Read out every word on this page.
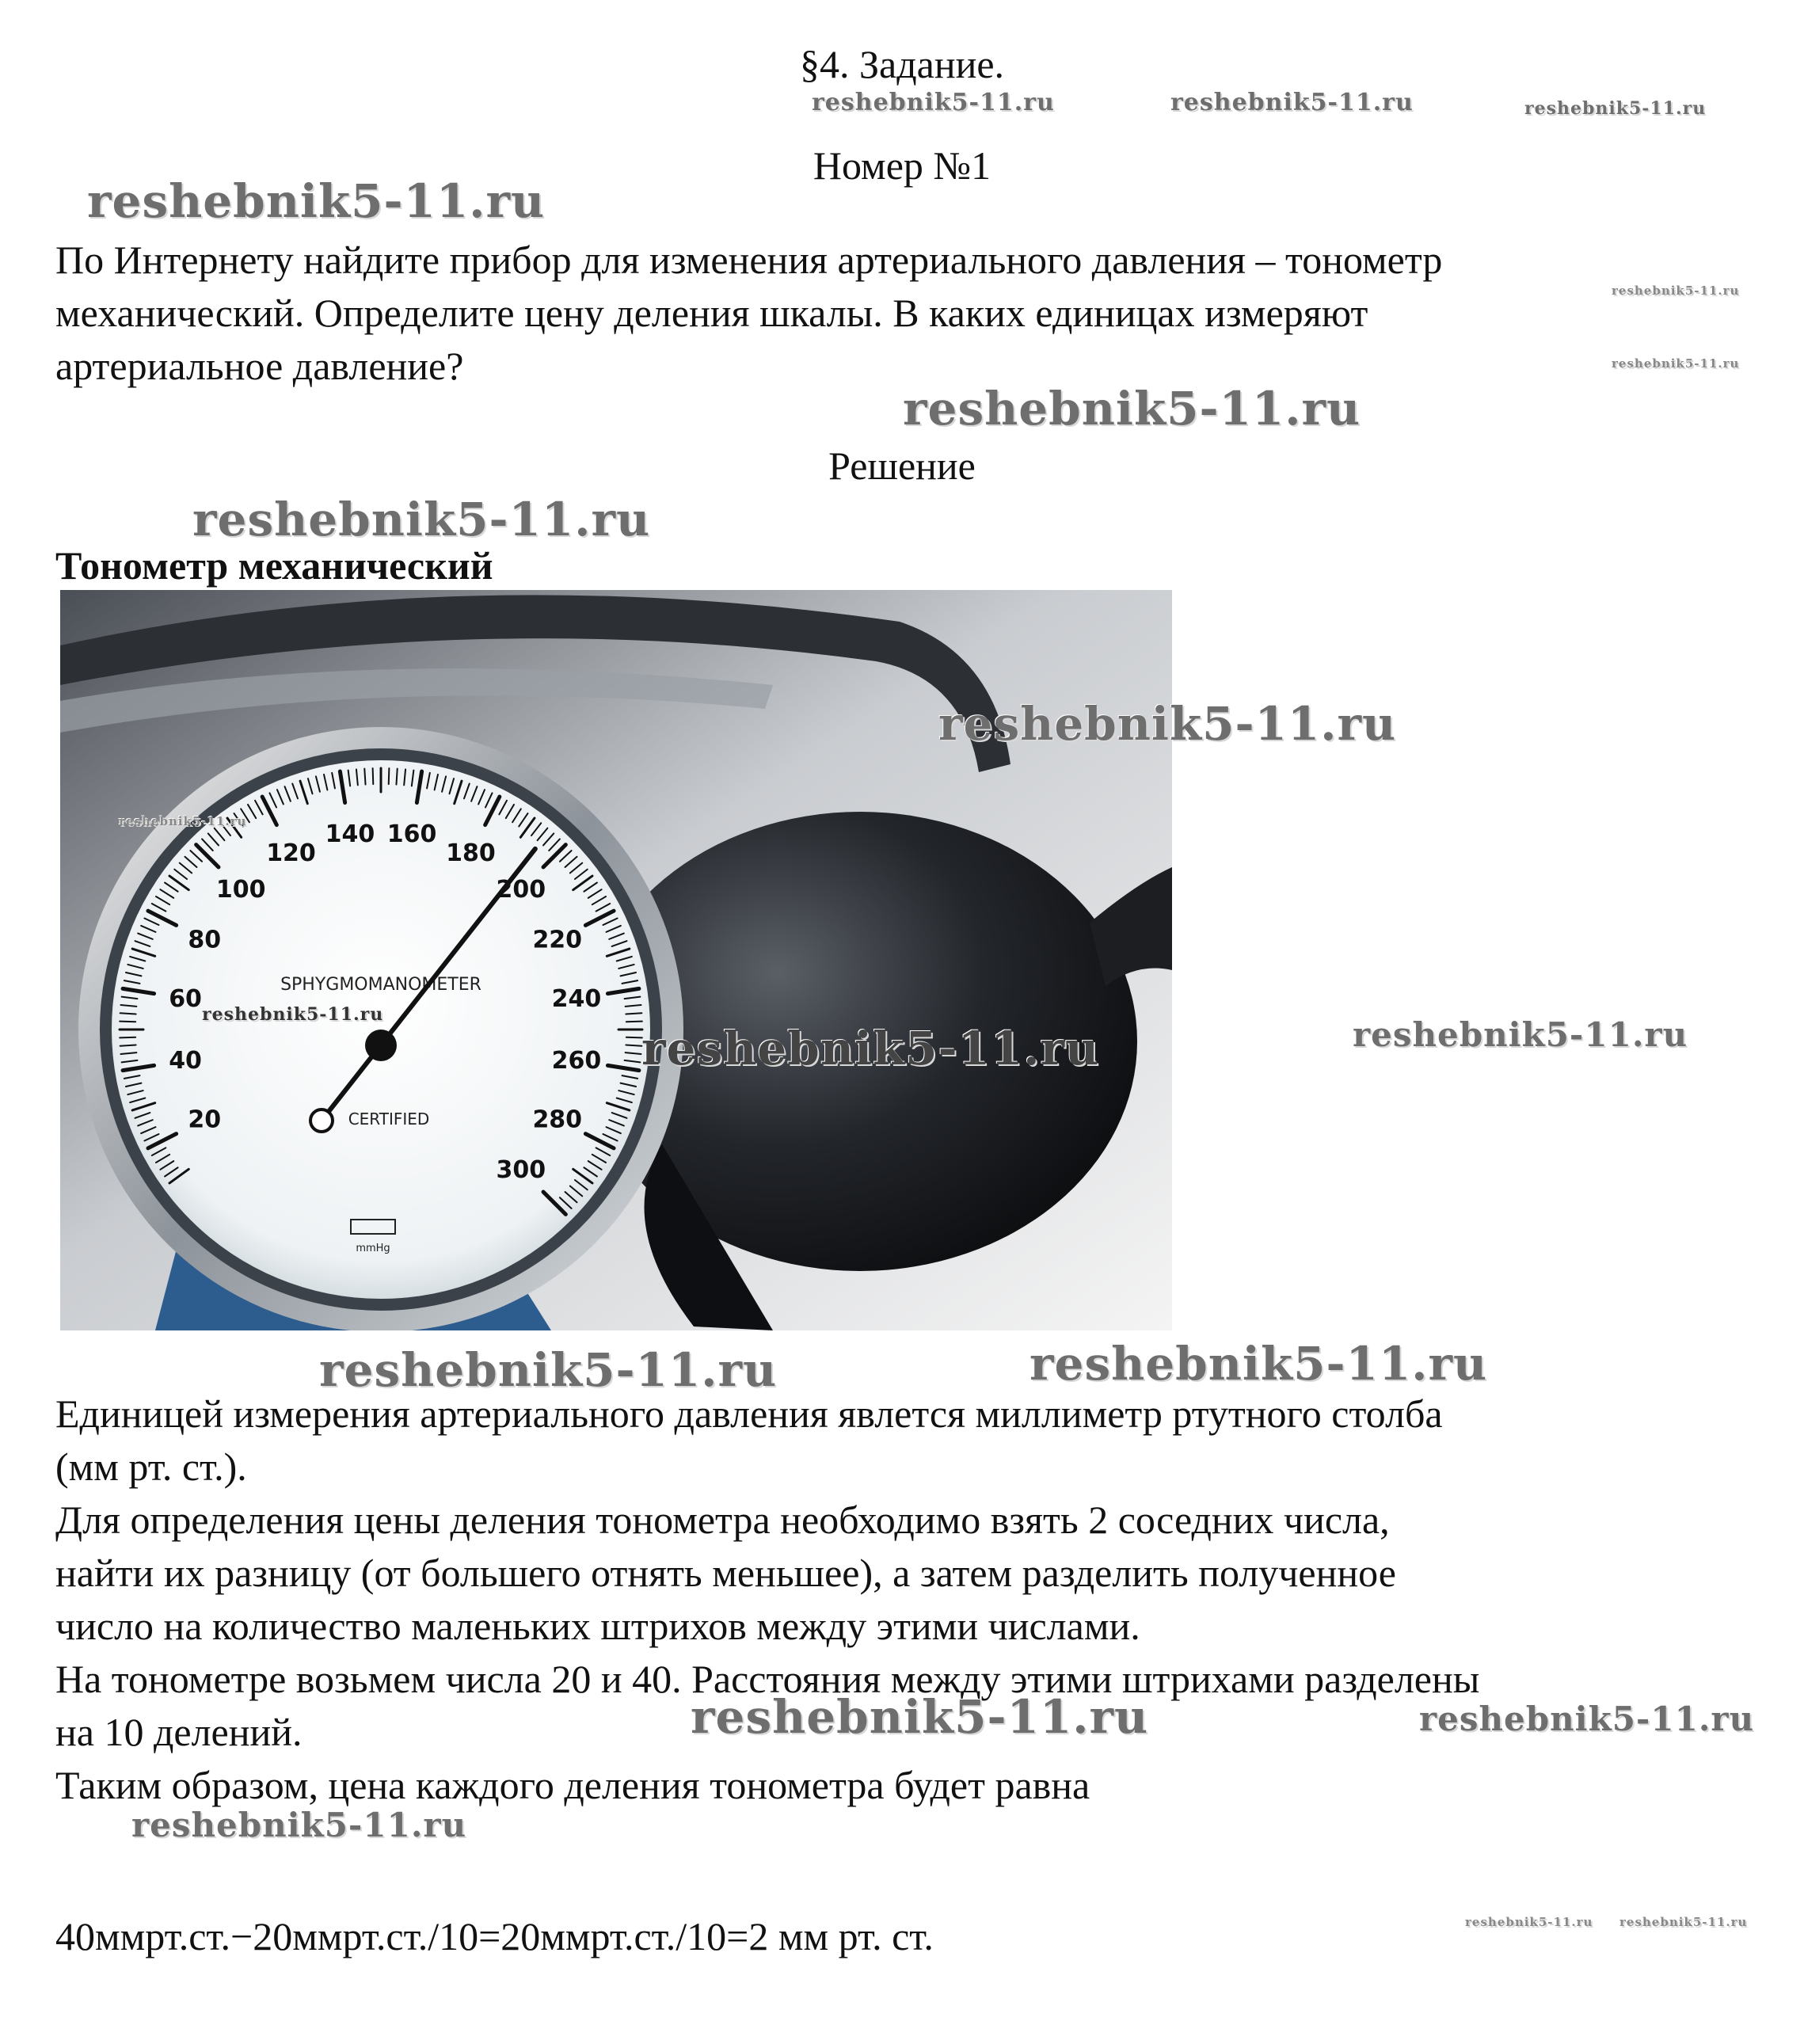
§4. Задание.
Номер №1
По Интернету найдите прибор для изменения артериального давления – тонометр
механический. Определите цену деления шкалы. В каких единицах измеряют
артериальное давление?
Решение
Тонометр механический
20
40
60
80
100
120
140 160
180
200
220
240
260
280
300
SPHYGMOMANOMETER
CERTIFIED
mmHg
Единицей измерения артериального давления явлется миллиметр ртутного столба
(мм рт. ст.).
Для определения цены деления тонометра необходимо взять 2 соседних числа,
найти их разницу (от большего отнять меньшее), а затем разделить полученное
число на количество маленьких штрихов между этими числами.
На тонометре возьмем числа 20 и 40. Расстояния между этими штрихами разделены
на 10 делений.
Таким образом, цена каждого деления тонометра будет равна
40ммрт.ст.−20ммрт.ст./10=20ммрт.ст./10=2 мм рт. ст.
reshebnik5-11.ru	reshebnik5-11.ru	reshebnik5-11.ru
reshebnik5-11.ru
reshebnik5-11.ru
reshebnik5-11.ru
reshebnik5-11.ru
reshebnik5-11.ru
reshebnik5-11.ru
reshebnik5-11.ru
reshebnik5-11.ru
reshebnik5-11.ru	reshebnik5-11.ru
reshebnik5-11.ru	reshebnik5-11.ru
reshebnik5-11.ru	reshebnik5-11.ru
reshebnik5-11.ru
reshebnik5-11.ru reshebnik5-11.ru
